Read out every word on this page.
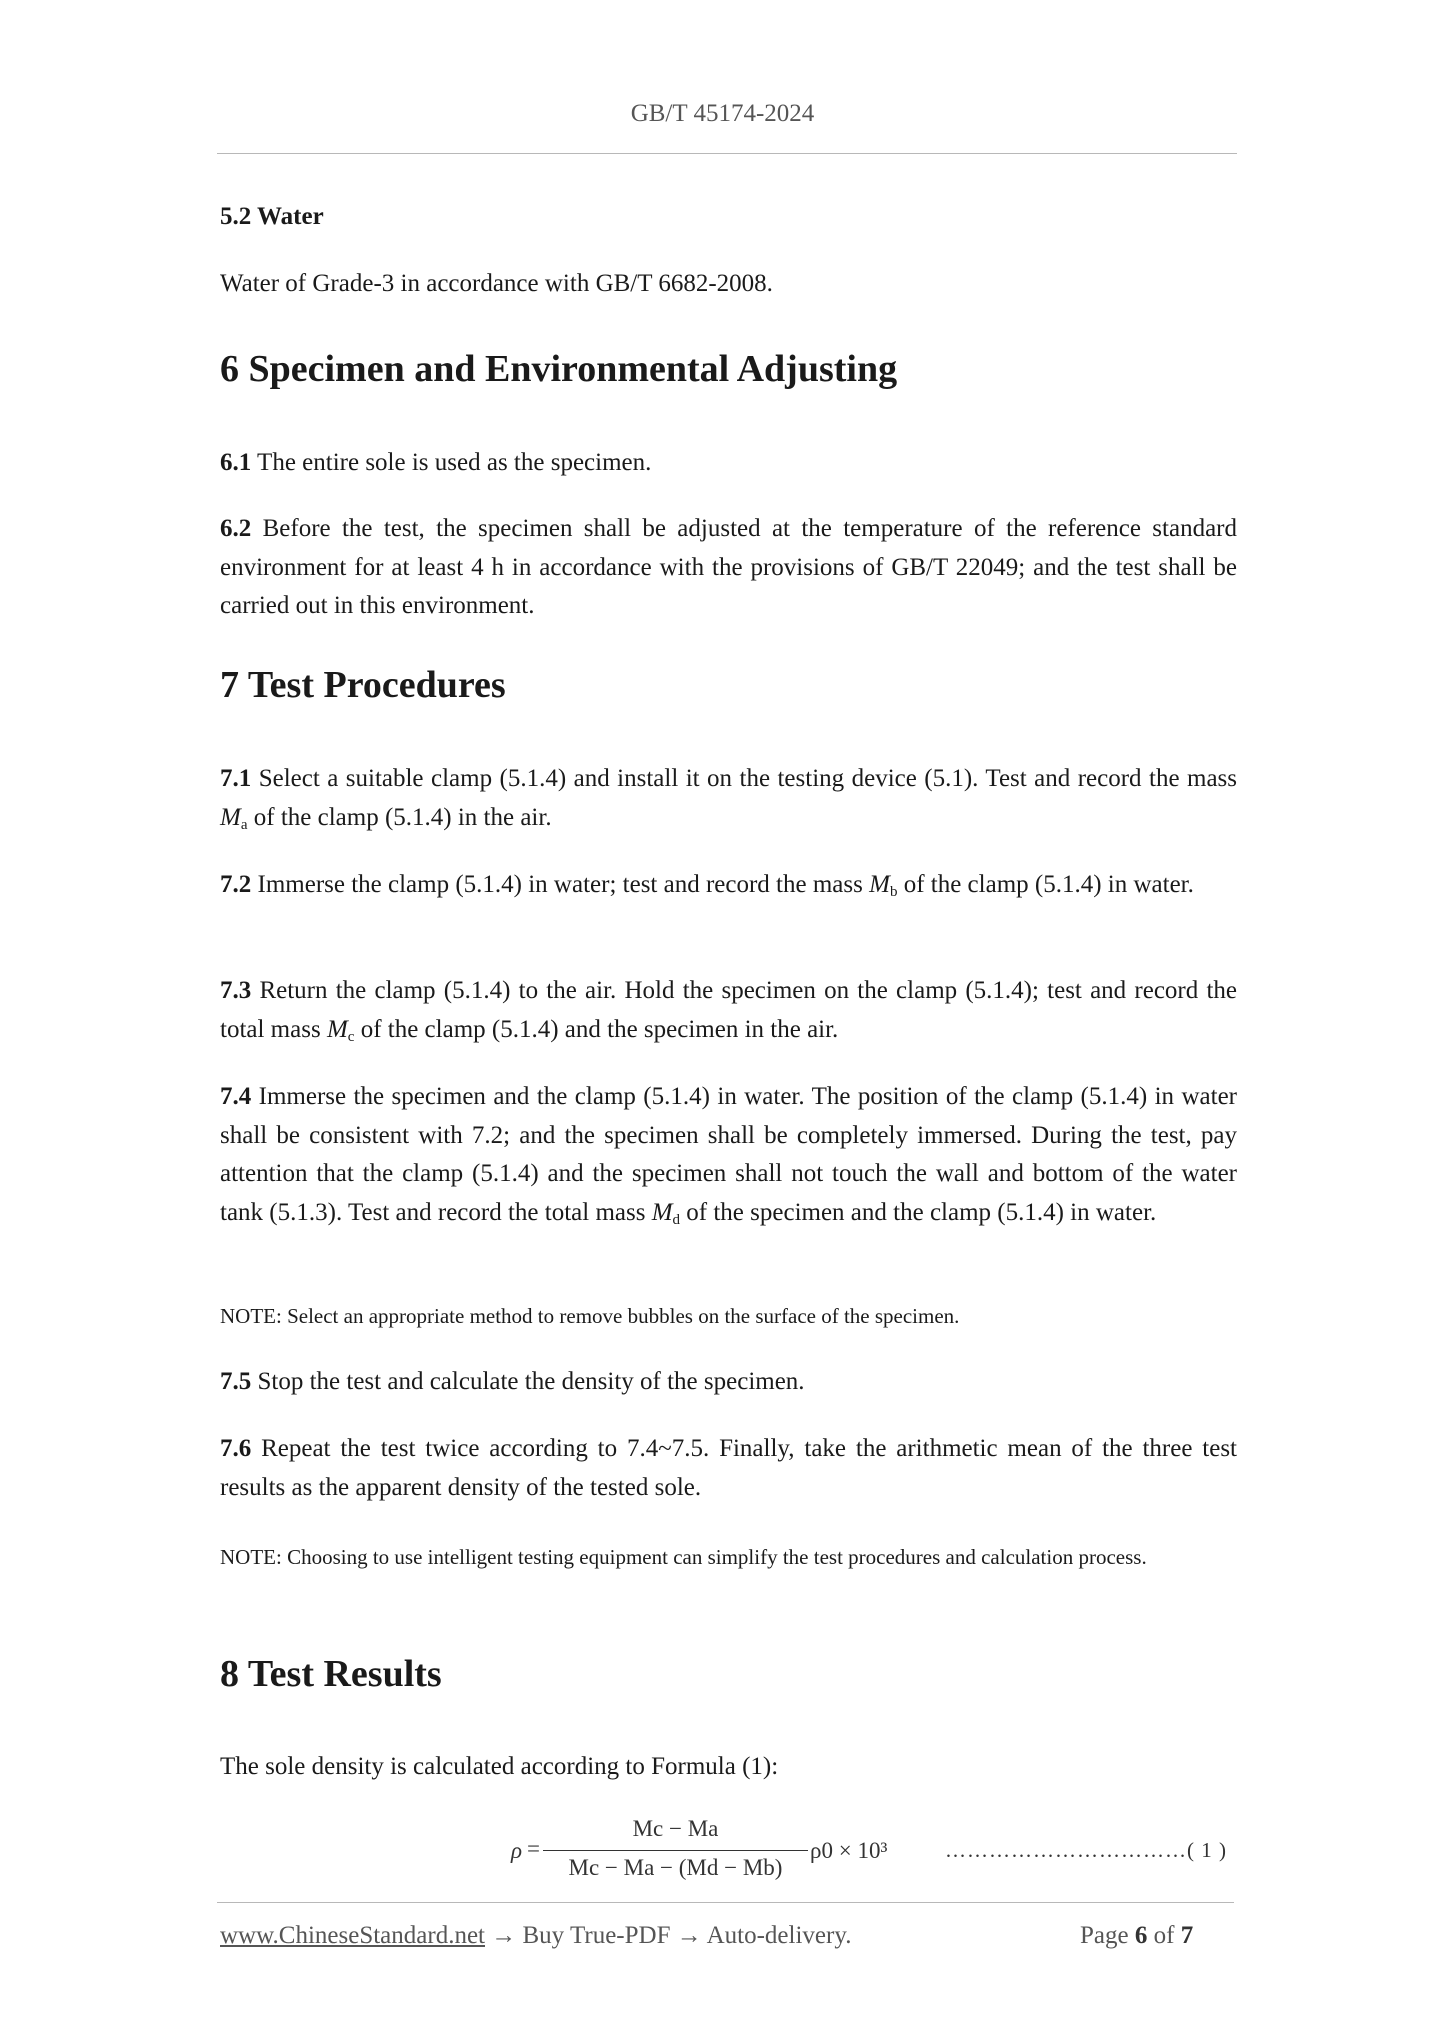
GB/T 45174-2024
5.2 Water
Water of Grade-3 in accordance with GB/T 6682-2008.
6 Specimen and Environmental Adjusting
6.1 The entire sole is used as the specimen.
6.2 Before the test, the specimen shall be adjusted at the temperature of the reference standard environment for at least 4 h in accordance with the provisions of GB/T 22049; and the test shall be carried out in this environment.
7 Test Procedures
7.1 Select a suitable clamp (5.1.4) and install it on the testing device (5.1). Test and record the mass $M_a$ of the clamp (5.1.4) in the air.
7.2 Immerse the clamp (5.1.4) in water; test and record the mass $M_b$ of the clamp (5.1.4) in water.
7.3 Return the clamp (5.1.4) to the air. Hold the specimen on the clamp (5.1.4); test and record the total mass $M_c$ of the clamp (5.1.4) and the specimen in the air.
7.4 Immerse the specimen and the clamp (5.1.4) in water. The position of the clamp (5.1.4) in water shall be consistent with 7.2; and the specimen shall be completely immersed. During the test, pay attention that the clamp (5.1.4) and the specimen shall not touch the wall and bottom of the water tank (5.1.3). Test and record the total mass $M_d$ of the specimen and the clamp (5.1.4) in water.
NOTE: Select an appropriate method to remove bubbles on the surface of the specimen.
7.5 Stop the test and calculate the density of the specimen.
7.6 Repeat the test twice according to 7.4~7.5. Finally, take the arithmetic mean of the three test results as the apparent density of the tested sole.
NOTE: Choosing to use intelligent testing equipment can simplify the test procedures and calculation process.
8 Test Results
The sole density is calculated according to Formula (1):
ρ =
Mc − Ma
Mc − Ma − (Md − Mb)
ρ0 × 10³	……………………………( 1 )
www.ChineseStandard.net → Buy True-PDF → Auto-delivery.	Page 6 of 7
